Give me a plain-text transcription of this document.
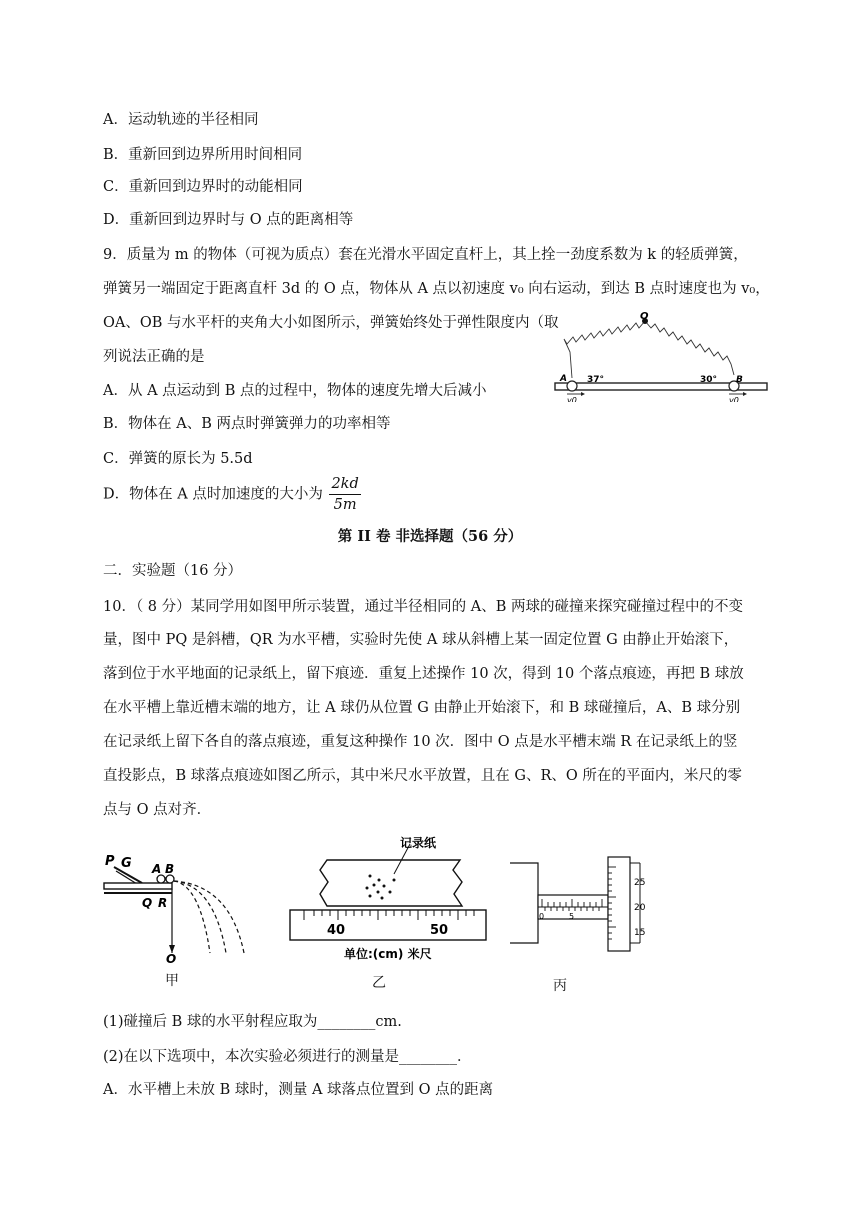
A．运动轨迹的半径相同
B．重新回到边界所用时间相同
C．重新回到边界时的动能相同
D．重新回到边界时与 O 点的距离相等
9．质量为 m 的物体（可视为质点）套在光滑水平固定直杆上，其上拴一劲度系数为 k 的轻质弹簧，
弹簧另一端固定于距离直杆 3d 的 O 点，物体从 A 点以初速度 v₀ 向右运动，到达 B 点时速度也为 v₀，
OA、OB 与水平杆的夹角大小如图所示，弹簧始终处于弹性限度内（取
列说法正确的是
A．从 A 点运动到 B 点的过程中，物体的速度先增大后减小
B．物体在 A、B 两点时弹簧弹力的功率相等
C．弹簧的原长为 5.5d
D．物体在 A 点时加速度的大小为 $\frac{2kd}{5m}$
O
A 37°	30° B
v0	v0
第 II 卷 非选择题（56 分）
二．实验题（16 分）
10．（ 8 分）某同学用如图甲所示装置，通过半径相同的 A、B 两球的碰撞来探究碰撞过程中的不变
量，图中 PQ 是斜槽，QR 为水平槽，实验时先使 A 球从斜槽上某一固定位置 G 由静止开始滚下，
落到位于水平地面的记录纸上，留下痕迹．重复上述操作 10 次，得到 10 个落点痕迹，再把 B 球放
在水平槽上靠近槽末端的地方，让 A 球仍从位置 G 由静止开始滚下，和 B 球碰撞后，A、B 球分别
在记录纸上留下各自的落点痕迹，重复这种操作 10 次．图中 O 点是水平槽末端 R 在记录纸上的竖
直投影点，B 球落点痕迹如图乙所示，其中米尺水平放置，且在 G、R、O 所在的平面内，米尺的零
点与 O 点对齐．
P G A B
Q R
O
甲
记录纸
40	50
单位:(cm) 米尺
乙
0	5
25
20
15
丙
(1)碰撞后 B 球的水平射程应取为________cm.
(2)在以下选项中，本次实验必须进行的测量是________．
A．水平槽上未放 B 球时，测量 A 球落点位置到 O 点的距离
